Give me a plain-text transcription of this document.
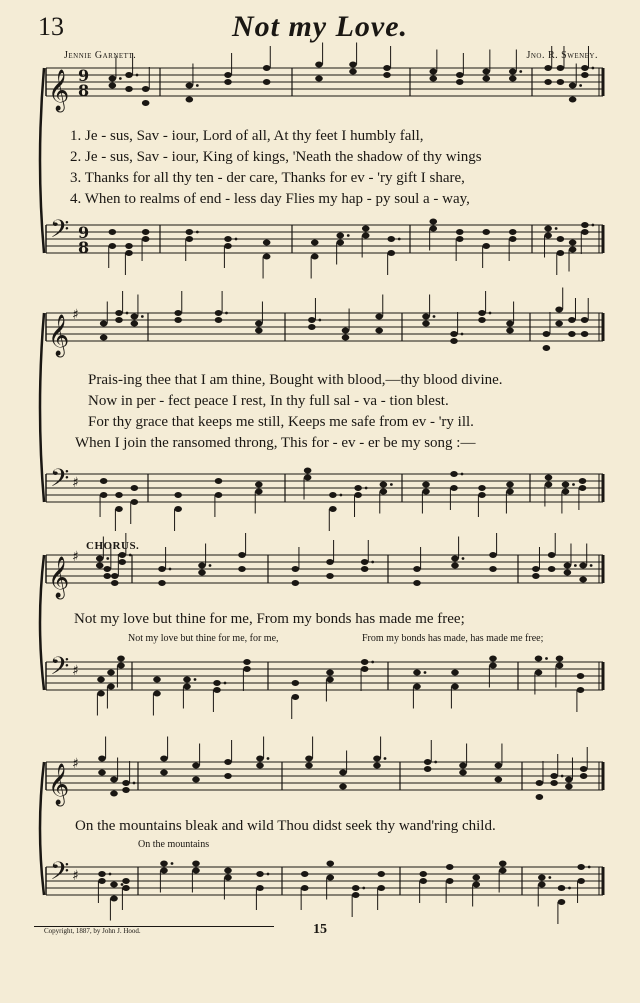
13	Not my Love.
Jennie Garnett.	Jno. R. Sweney.
𝄞 9
8
𝄢 9
8
𝄞 ♯
𝄢 ♯
𝄞 ♯
𝄢 ♯
𝄞 ♯
𝄢 ♯
1. Je - sus, Sav - iour, Lord of all, At thy feet I humbly fall,
2. Je - sus, Sav - iour, King of kings, 'Neath the shadow of thy wings
3. Thanks for all thy ten - der care, Thanks for ev - 'ry gift I share,
4. When to realms of end - less day Flies my hap - py soul a - way,
Prais-ing thee that I am thine, Bought with blood,—thy blood divine.
Now in per - fect peace I rest, In thy full sal - va - tion blest.
For thy grace that keeps me still, Keeps me safe from ev - 'ry ill.
When I join the ransomed throng, This for - ev - er be my song :—
CHORUS.
Not my love but thine for me, From my bonds has made me free;
Not my love but thine for me, for me,	From my bonds has made, has made me free;
On the mountains bleak and wild Thou didst seek thy wand'ring child.
On the mountains
Copyright, 1887, by John J. Hood.	15
